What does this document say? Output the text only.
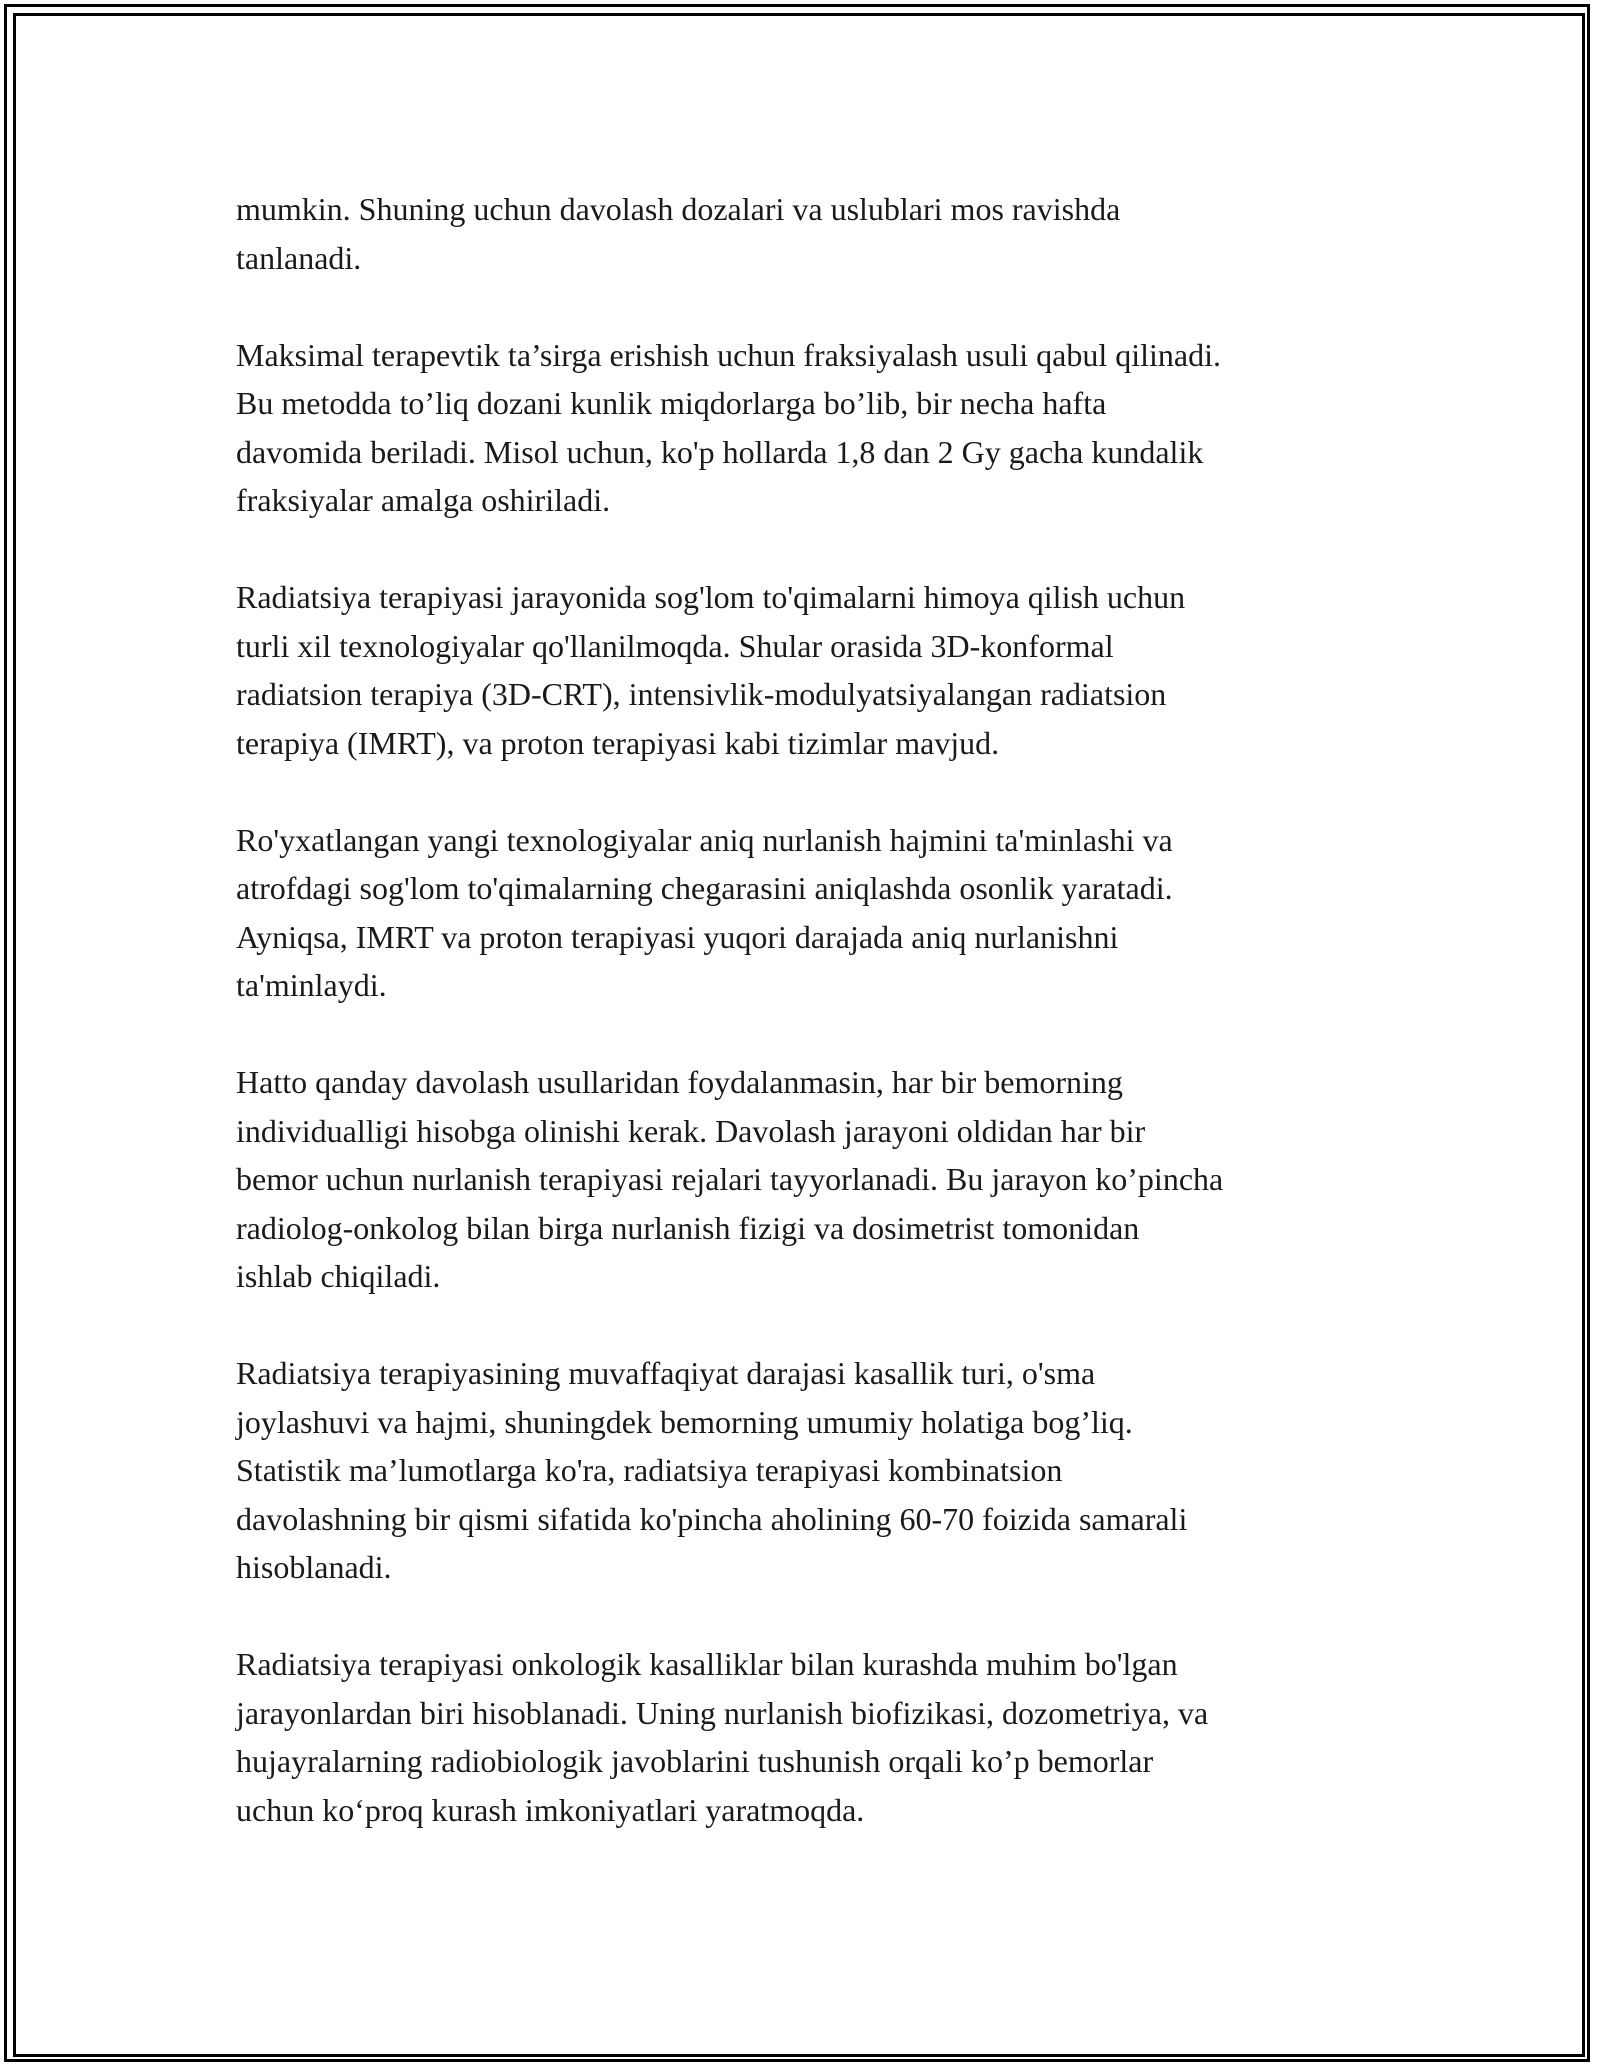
mumkin. Shuning uchun davolash dozalari va uslublari mos ravishda
tanlanadi.

Maksimal terapevtik ta’sirga erishish uchun fraksiyalash usuli qabul qilinadi.
Bu metodda to’liq dozani kunlik miqdorlarga bo’lib, bir necha hafta
davomida beriladi. Misol uchun, ko'p hollarda 1,8 dan 2 Gy gacha kundalik
fraksiyalar amalga oshiriladi.

Radiatsiya terapiyasi jarayonida sog'lom to'qimalarni himoya qilish uchun
turli xil texnologiyalar qo'llanilmoqda. Shular orasida 3D-konformal
radiatsion terapiya (3D-CRT), intensivlik-modulyatsiyalangan radiatsion
terapiya (IMRT), va proton terapiyasi kabi tizimlar mavjud.

Ro'yxatlangan yangi texnologiyalar aniq nurlanish hajmini ta'minlashi va
atrofdagi sog'lom to'qimalarning chegarasini aniqlashda osonlik yaratadi.
Ayniqsa, IMRT va proton terapiyasi yuqori darajada aniq nurlanishni
ta'minlaydi.

Hatto qanday davolash usullaridan foydalanmasin, har bir bemorning
individualligi hisobga olinishi kerak. Davolash jarayoni oldidan har bir
bemor uchun nurlanish terapiyasi rejalari tayyorlanadi. Bu jarayon ko’pincha
radiolog-onkolog bilan birga nurlanish fizigi va dosimetrist tomonidan
ishlab chiqiladi.

Radiatsiya terapiyasining muvaffaqiyat darajasi kasallik turi, o'sma
joylashuvi va hajmi, shuningdek bemorning umumiy holatiga bog’liq.
Statistik ma’lumotlarga ko'ra, radiatsiya terapiyasi kombinatsion
davolashning bir qismi sifatida ko'pincha aholining 60-70 foizida samarali
hisoblanadi.

Radiatsiya terapiyasi onkologik kasalliklar bilan kurashda muhim bo'lgan
jarayonlardan biri hisoblanadi. Uning nurlanish biofizikasi, dozometriya, va
hujayralarning radiobiologik javoblarini tushunish orqali ko’p bemorlar
uchun ko‘proq kurash imkoniyatlari yaratmoqda.
